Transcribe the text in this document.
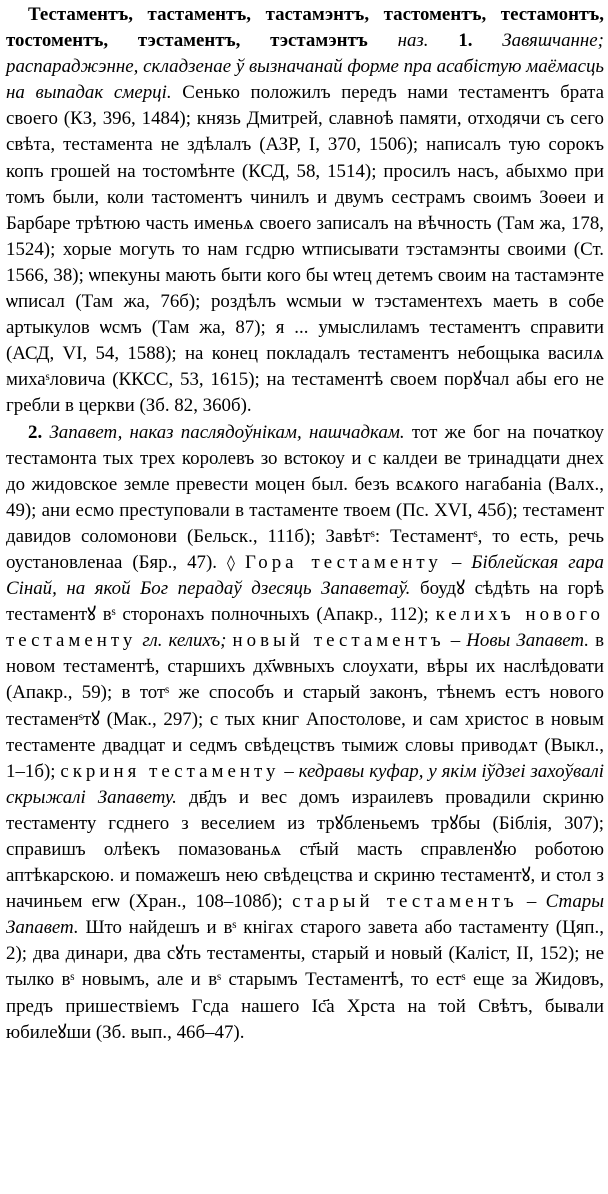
Тестаментъ, тастаментъ, тастамэнтъ, тастоментъ, тестамонтъ, тостоментъ, тэстаментъ, тэстамэнтъ наз. 1. Завяшчанне; распараджэнне, складзенае ў вызначанай форме пра асабістую маёмасць на выпадак смерці. Сенько положилъ передъ нами тестаментъ брата своего (КЗ, 396, 1484); князь Дмитрей, славноѣ памяти, отходячи съ сего свѣта, тестамента не здѣлалъ (АЗР, I, 370, 1506); написалъ тую сорокъ копъ грошей на тостомѣнте (КСД, 58, 1514); просилъ насъ, абыхмо при томъ были, коли тастоментъ чинилъ и двумъ сестрамъ своимъ Зоѳеи и Барбаре трѣтюю часть именьѧ своего записалъ на вѣчность (Там жа, 178, 1524); хорые могуть то нам гсдрю ѡтписывати тэстамэнты своими (Ст. 1566, 38); ѡпекуны мають быти кого бы ѡтец детемъ своим на тастамэнте ѡписал (Там жа, 76б); роздѣлъ ѡсмыи ѡ тэстаментехъ маеть в собе артыкулов ѡсмъ (Там жа, 87); я ... умыслиламъ тестаментъ справити (АСД, VI, 54, 1588); на конец покладалъ тестаментъ небощыка василѧ михаˢловича (ККСС, 53, 1615); на тестаментѣ своем порꙋчал абы его не гребли в церкви (Зб. 82, 360б).

2. Запавет, наказ паслядоўнікам, нашчадкам. тот же бог на початкоу тестамонта тых трех королевъ зо встокоу и с калдеи ве тринадцати днех до жидовское земле превести моцен был. безъ всѧкого нагабаніа (Валх., 49); ани есмо преступовали в тастаменте твоем (Пс. XVI, 45б); тестамент давидов соломонови (Бельск., 111б); Завѣтˢ: Тестаментˢ, то есть, речь оустановленаа (Бяр., 47). ◊ Гора тестаменту – Біблейская гара Сінай, на якой Бог перадаў дзесяць Запаветаў. боудꙋ сѣдѣть на горѣ тестаментꙋ вˢ сторонахъ полночныхъ (Апакр., 112); келихъ нового тестаменту гл. келихъ; новый тестаментъ – Новы Запавет. в новом тестаментѣ, старшихъ дх҃ѡвныхъ слоухати, вѣры их наслѣдовати (Апакр., 59); в тотˢ же способъ и старый законъ, тѣнемъ естъ нового тестаменˢтꙋ (Мак., 297); с тых книг Апостолове, и сам христос в новым тестаменте двадцат и седмъ свѣдецствъ тымиж словы приводѧт (Выкл., 1–1б); скриня тестаменту – кедравы куфар, у якім іўдзеі захоўвалі скрыжалі Запавету. дв҃дъ и вес домъ израилевъ провадили скриню тестаменту гсднего з веселием из трꙋбленьемъ трꙋбы (Біблія, 307); справишъ олѣекъ помазованьѧ ст҃ый масть справленꙋю роботою аптѣкарскою. и помажешъ нею свѣдецства и скриню тестаментꙋ, и стол з начиньем егѡ (Хран., 108–108б); старый тестаментъ – Стары Запавет. Што найдешъ и вˢ кнігах старого завета або тастаменту (Цяп., 2); два динари, два сꙋть тестаменты, старый и новый (Каліст, II, 152); не тылко вˢ новымъ, але и вˢ старымъ Тестаментѣ, то естˢ еще за Жидовъ, предъ пришествіемъ Гсда нашего Іс҃а Хрста на той Свѣтъ, бывали юбилеꙋши (Зб. вып., 46б–47).
